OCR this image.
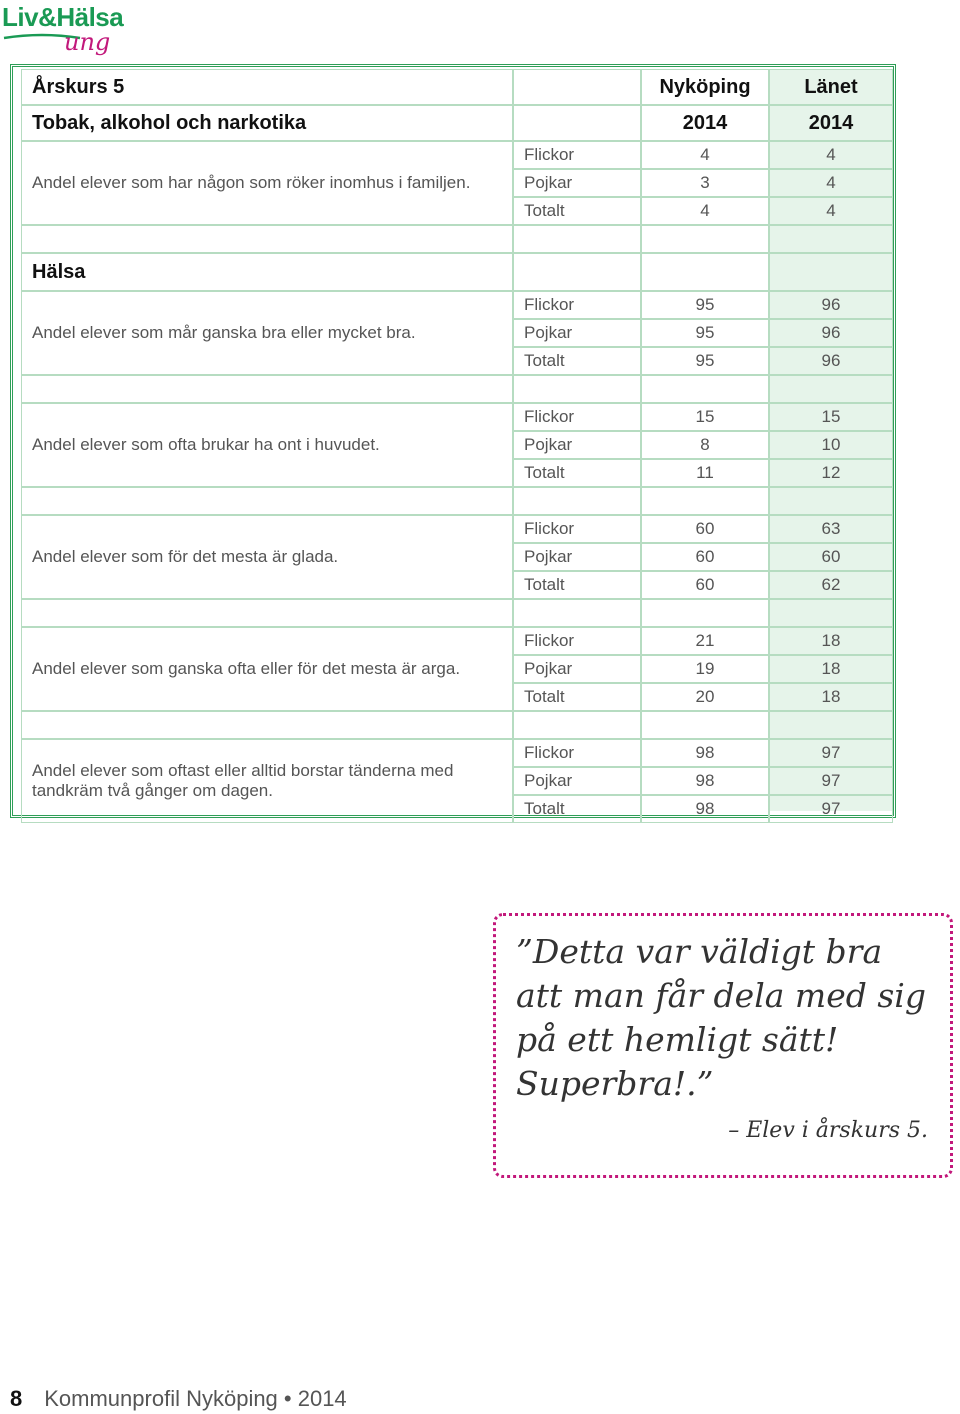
Liv&Hälsa
ung
Årskurs 5	Nyköping	Länet
Tobak, alkohol och narkotika	2014	2014
Andel elever som har någon som röker inomhus i familjen.
Flickor	4	4
Pojkar	3	4
Totalt	4	4
Hälsa
Andel elever som mår ganska bra eller mycket bra.
Flickor	95	96
Pojkar	95	96
Totalt	95	96
Andel elever som ofta brukar ha ont i huvudet.
Flickor	15	15
Pojkar	8	10
Totalt	11	12
Andel elever som för det mesta är glada.
Flickor	60	63
Pojkar	60	60
Totalt	60	62
Andel elever som ganska ofta eller för det mesta är arga.
Flickor	21	18
Pojkar	19	18
Totalt	20	18
Andel elever som oftast eller alltid borstar tänderna med tandkräm två gånger om dagen.
Flickor	98	97
Pojkar	98	97
Totalt	98	97
”Detta var väldigt bra att man får dela med sig på ett hemligt sätt! Superbra!.”
– Elev i årskurs 5.
8 Kommunprofil Nyköping • 2014
